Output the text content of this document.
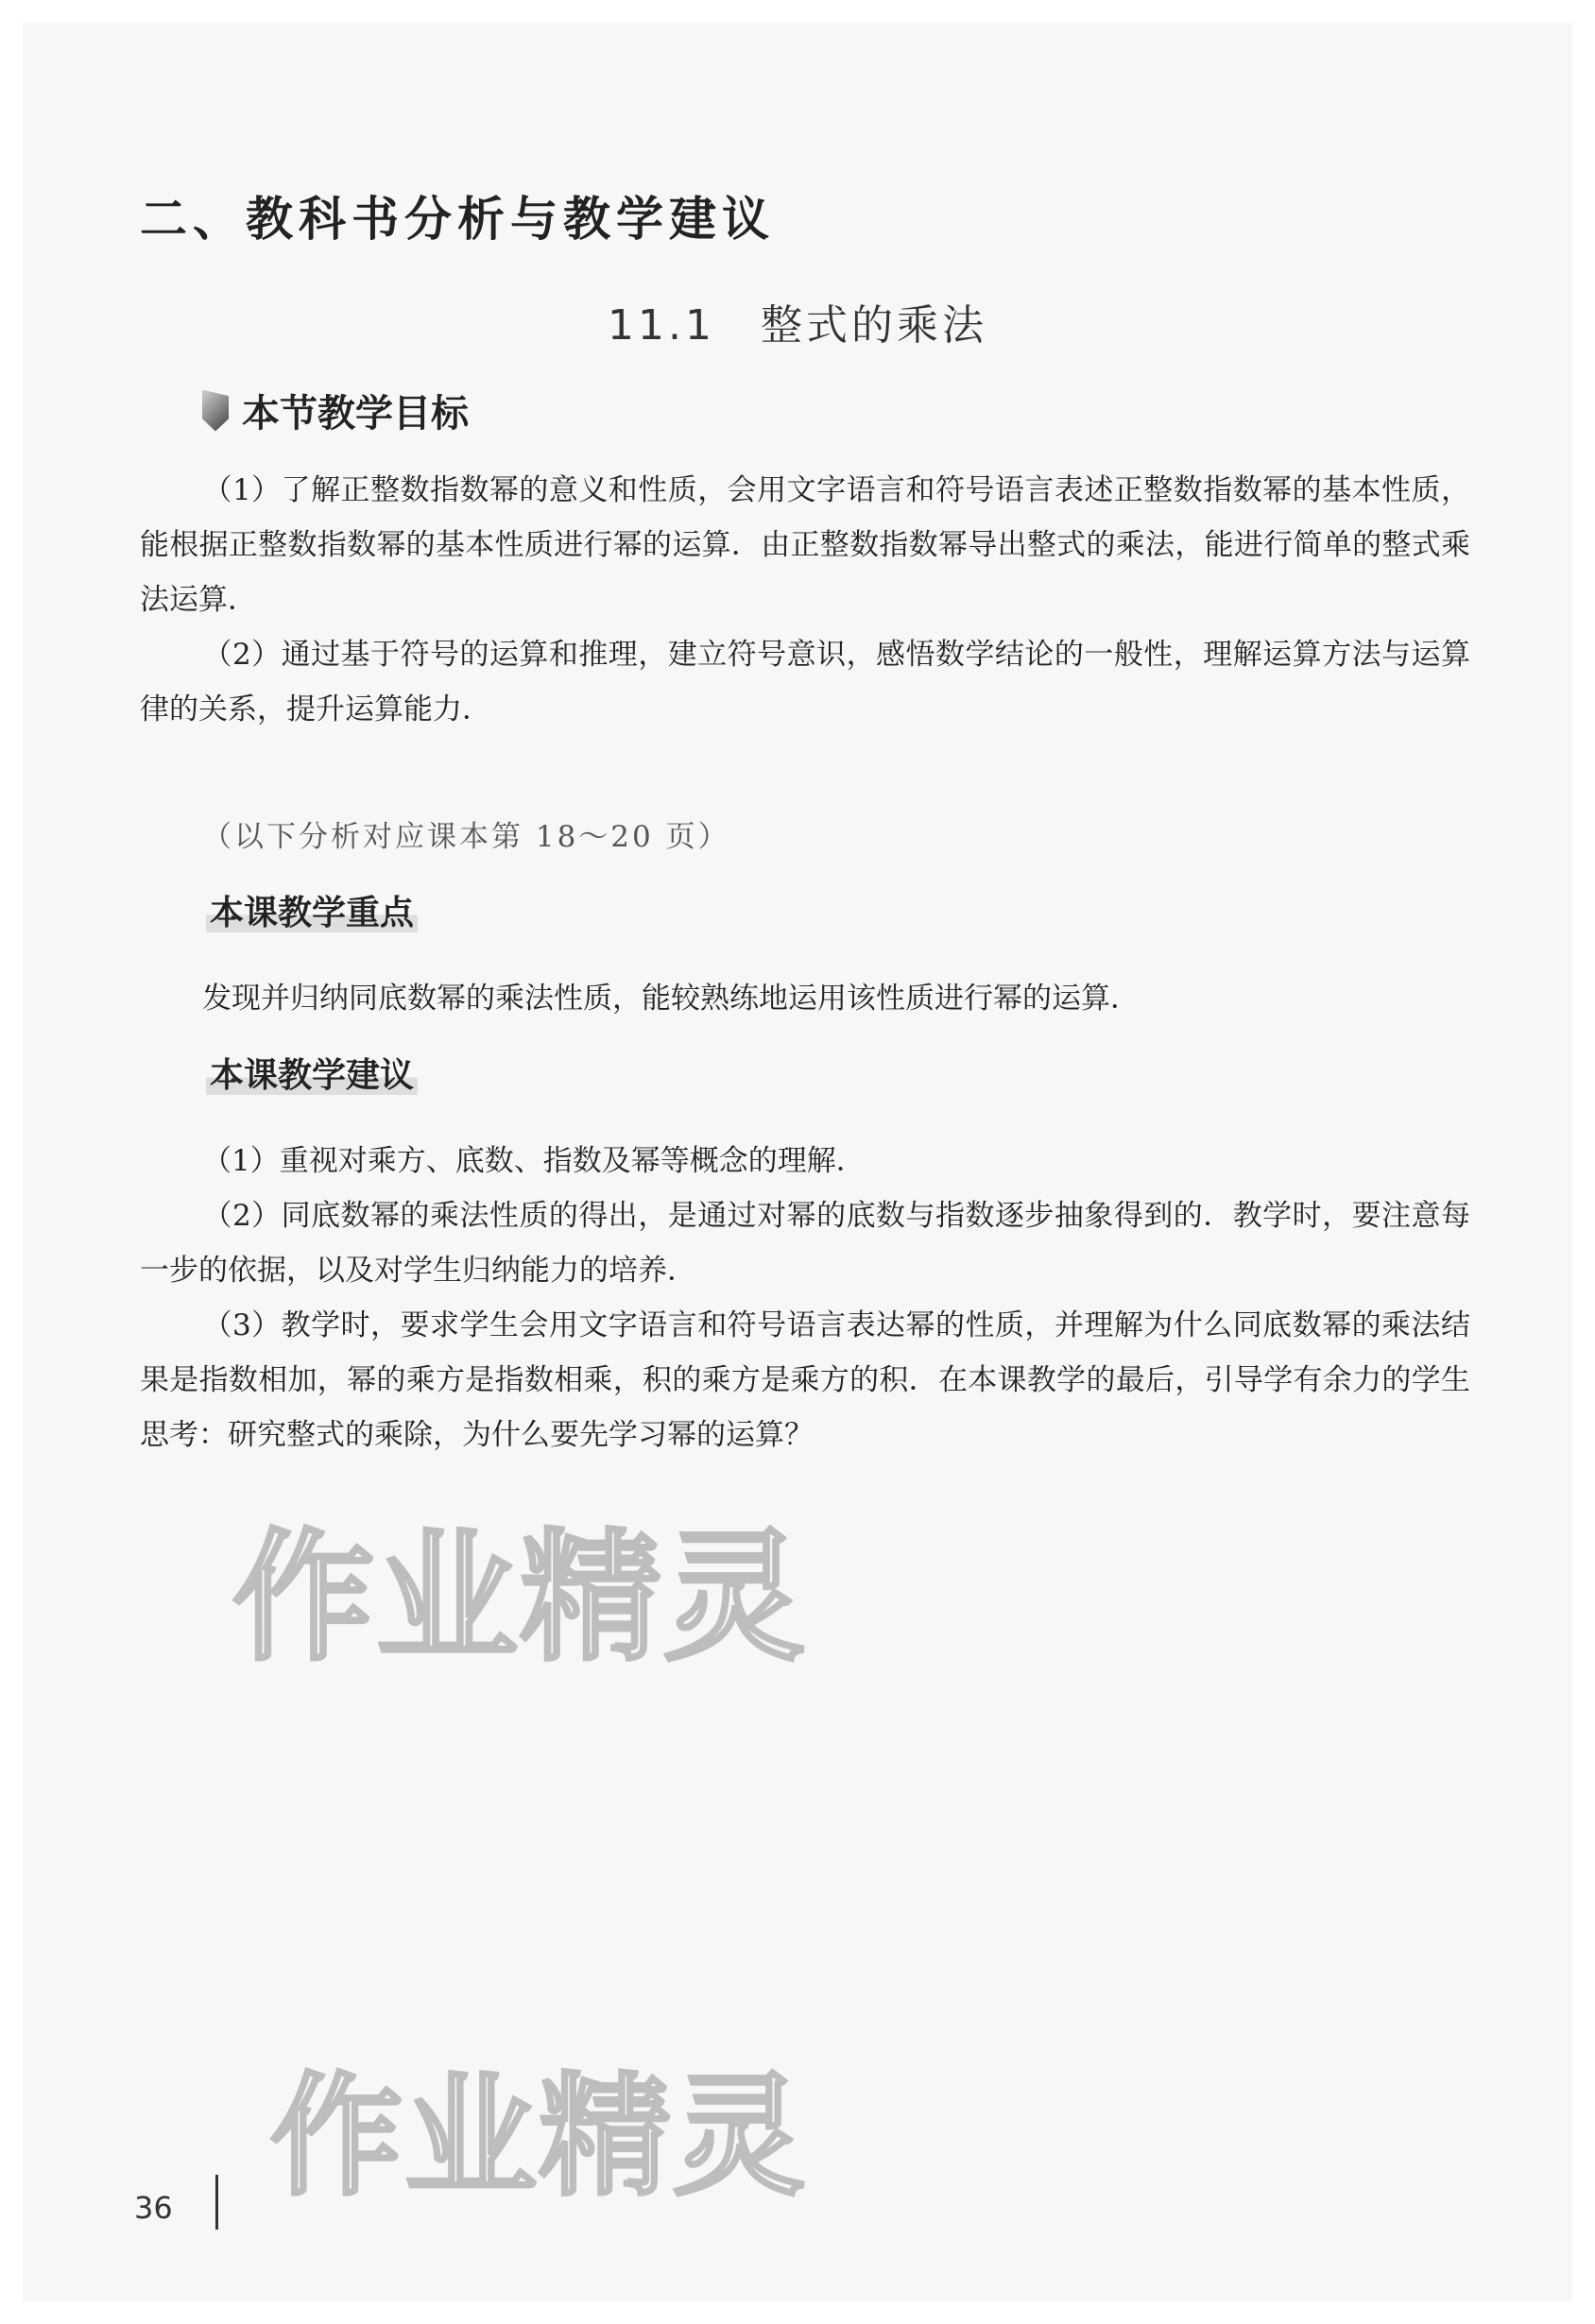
二、教科书分析与教学建议
11.1 整式的乘法
本节教学目标
（1）了解正整数指数幂的意义和性质，会用文字语言和符号语言表述正整数指数幂的基本性质，能根据正整数指数幂的基本性质进行幂的运算．由正整数指数幂导出整式的乘法，能进行简单的整式乘法运算．
（2）通过基于符号的运算和推理，建立符号意识，感悟数学结论的一般性，理解运算方法与运算律的关系，提升运算能力．
（以下分析对应课本第 18～20 页）
本课教学重点
发现并归纳同底数幂的乘法性质，能较熟练地运用该性质进行幂的运算．
本课教学建议
（1）重视对乘方、底数、指数及幂等概念的理解．
（2）同底数幂的乘法性质的得出，是通过对幂的底数与指数逐步抽象得到的．教学时，要注意每一步的依据，以及对学生归纳能力的培养．
（3）教学时，要求学生会用文字语言和符号语言表达幂的性质，并理解为什么同底数幂的乘法结果是指数相加，幂的乘方是指数相乘，积的乘方是乘方的积．在本课教学的最后，引导学有余力的学生思考：研究整式的乘除，为什么要先学习幂的运算？
作业精灵
作业精灵
36
